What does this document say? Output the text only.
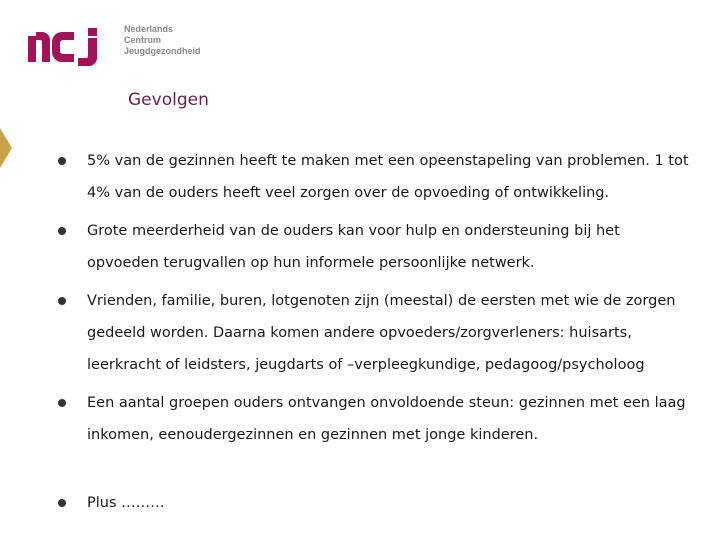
Nederlands
Centrum
Jeugdgezondheid
Gevolgen
5% van de gezinnen heeft te maken met een opeenstapeling van problemen. 1 tot 4% van de ouders heeft veel zorgen over de opvoeding of ontwikkeling.
Grote meerderheid van de ouders kan voor hulp en ondersteuning bij het opvoeden terugvallen op hun informele persoonlijke netwerk.
Vrienden, familie, buren, lotgenoten zijn (meestal) de eersten met wie de zorgen gedeeld worden. Daarna komen andere opvoeders/zorgverleners: huisarts, leerkracht of leidsters, jeugdarts of –verpleegkundige, pedagoog/psycholoog
Een aantal groepen ouders ontvangen onvoldoende steun: gezinnen met een laag inkomen, eenoudergezinnen en gezinnen met jonge kinderen.
Plus ………
